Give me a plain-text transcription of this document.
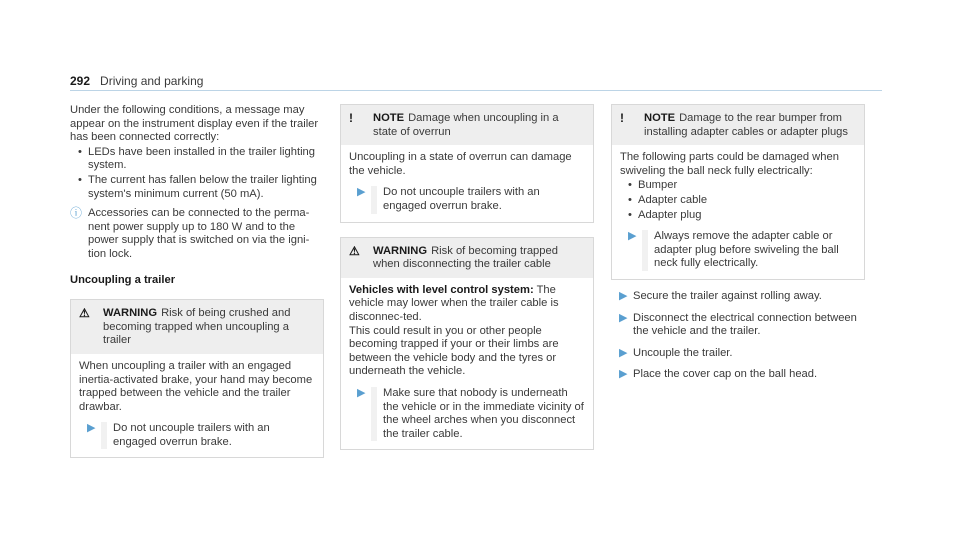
292 Driving and parking

Under the following conditions, a message may appear on the instrument display even if the trailer has been connected correctly:

• LEDs have been installed in the trailer lighting system.
• The current has fallen below the trailer lighting system's minimum current (50 mA).
ⓘ Accessories can be connected to the perma-nent power supply up to 180 W and to the power supply that is switched on via the igni-tion lock.
Uncoupling a trailer
⚠	WARNING Risk of being crushed and becoming trapped when uncoupling a trailer

When uncoupling a trailer with an engaged inertia-activated brake, your hand may become trapped between the vehicle and the trailer drawbar.

▶	Do not uncouple trailers with an engaged overrun brake.
!	NOTE Damage when uncoupling in a state of overrun

Uncoupling in a state of overrun can damage the vehicle.

▶	Do not uncouple trailers with an engaged overrun brake.
⚠	WARNING Risk of becoming trapped when disconnecting the trailer cable

Vehicles with level control system: The vehicle may lower when the trailer cable is disconnec-ted.

This could result in you or other people becoming trapped if your or their limbs are between the vehicle body and the tyres or underneath the vehicle.

▶	Make sure that nobody is underneath the vehicle or in the immediate vicinity of the wheel arches when you disconnect the trailer cable.
!	NOTE Damage to the rear bumper from installing adapter cables or adapter plugs

The following parts could be damaged when swiveling the ball neck fully electrically:

• Bumper
• Adapter cable
• Adapter plug
▶	Always remove the adapter cable or adapter plug before swiveling the ball neck fully electrically.
▶ Secure the trailer against rolling away.
▶ Disconnect the electrical connection between the vehicle and the trailer.
▶ Uncouple the trailer.
▶ Place the cover cap on the ball head.
